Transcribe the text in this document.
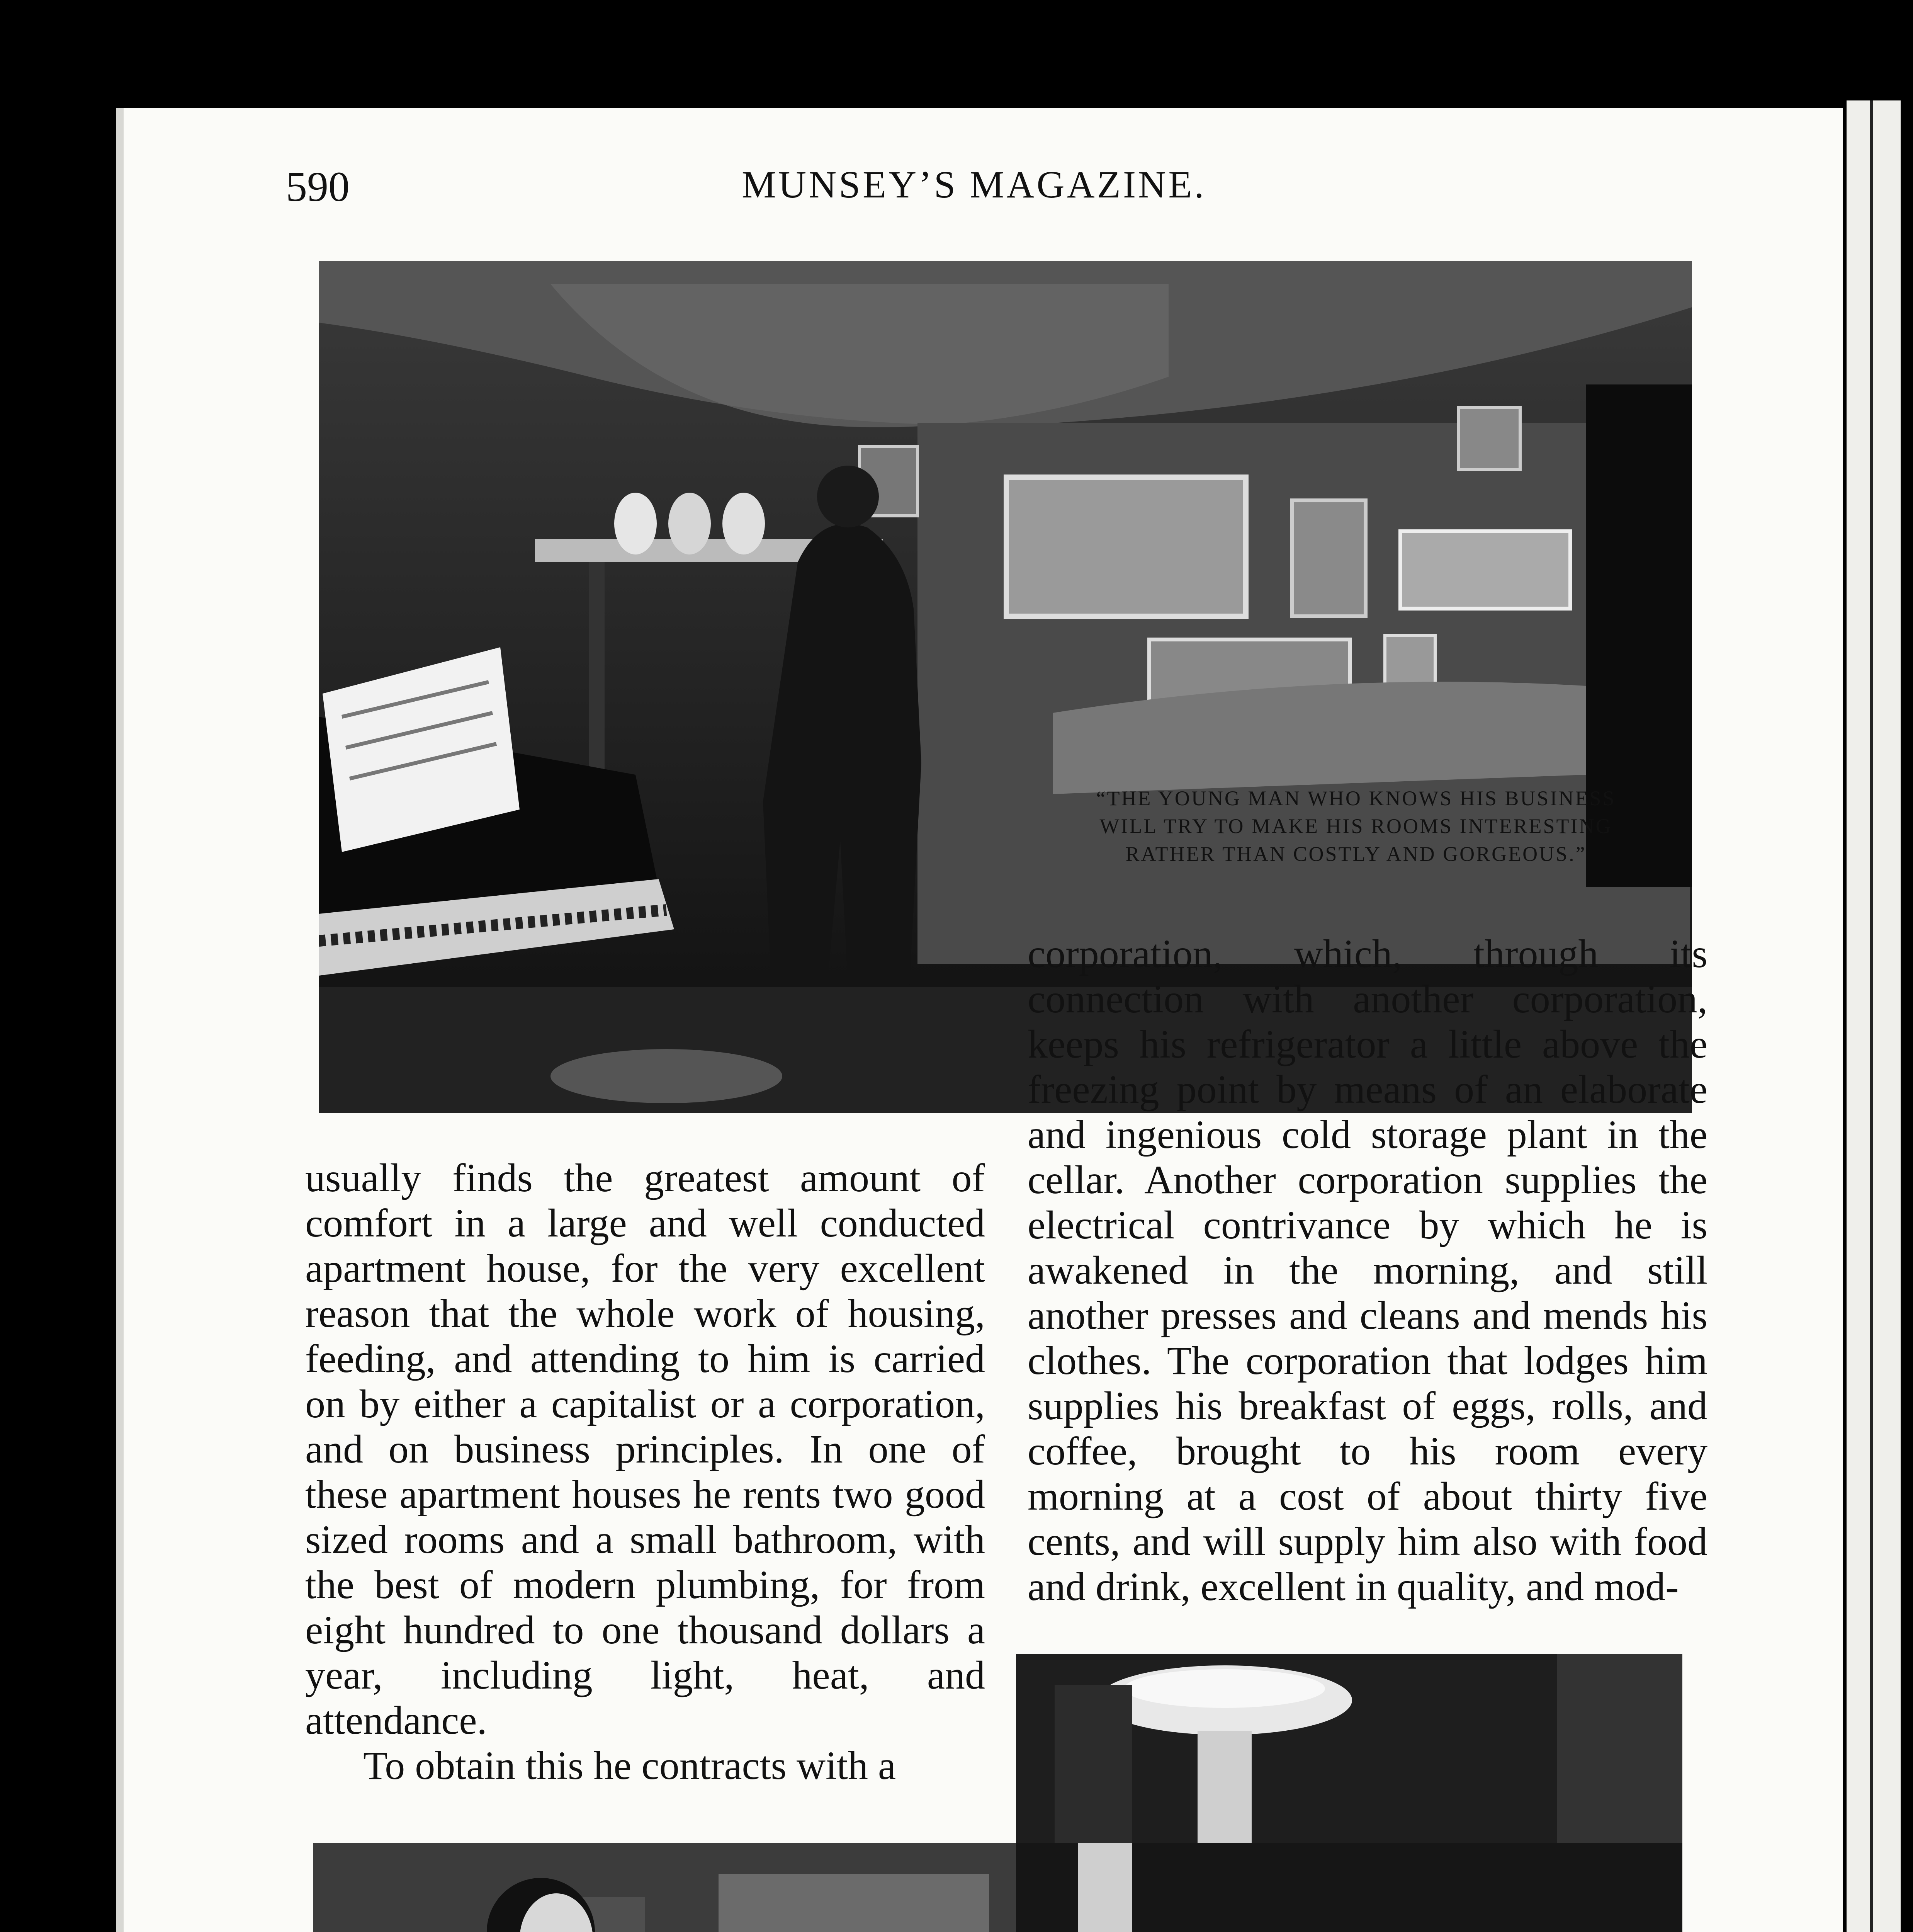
590	MUNSEY’S MAGAZINE.
“THE YOUNG MAN WHO KNOWS HIS BUSINESS
WILL TRY TO MAKE HIS ROOMS INTERESTING
RATHER THAN COSTLY AND GORGEOUS.”

corporation, which, through its connection with another corporation, keeps his refrigerator a little above the freezing point by means of an elaborate and ingenious cold storage plant in the cellar. Another corporation supplies the electrical contrivance by which he is awakened in the morning, and still another presses and cleans and mends his clothes. The corporation that lodges him supplies his breakfast of eggs, rolls, and coffee, brought to his room every morning at a cost of about thirty five cents, and will supply him also with food and drink, excellent in quality, and mod-

usually finds the greatest amount of comfort in a large and well conducted apartment house, for the very excellent reason that the whole work of housing, feeding, and attending to him is carried on by either a capitalist or a corporation, and on business principles. In one of these apartment houses he rents two good sized rooms and a small bathroom, with the best of modern plumbing, for from eight hundred to one thousand dollars a year, including light, heat, and attendance.

To obtain this he contracts with a
